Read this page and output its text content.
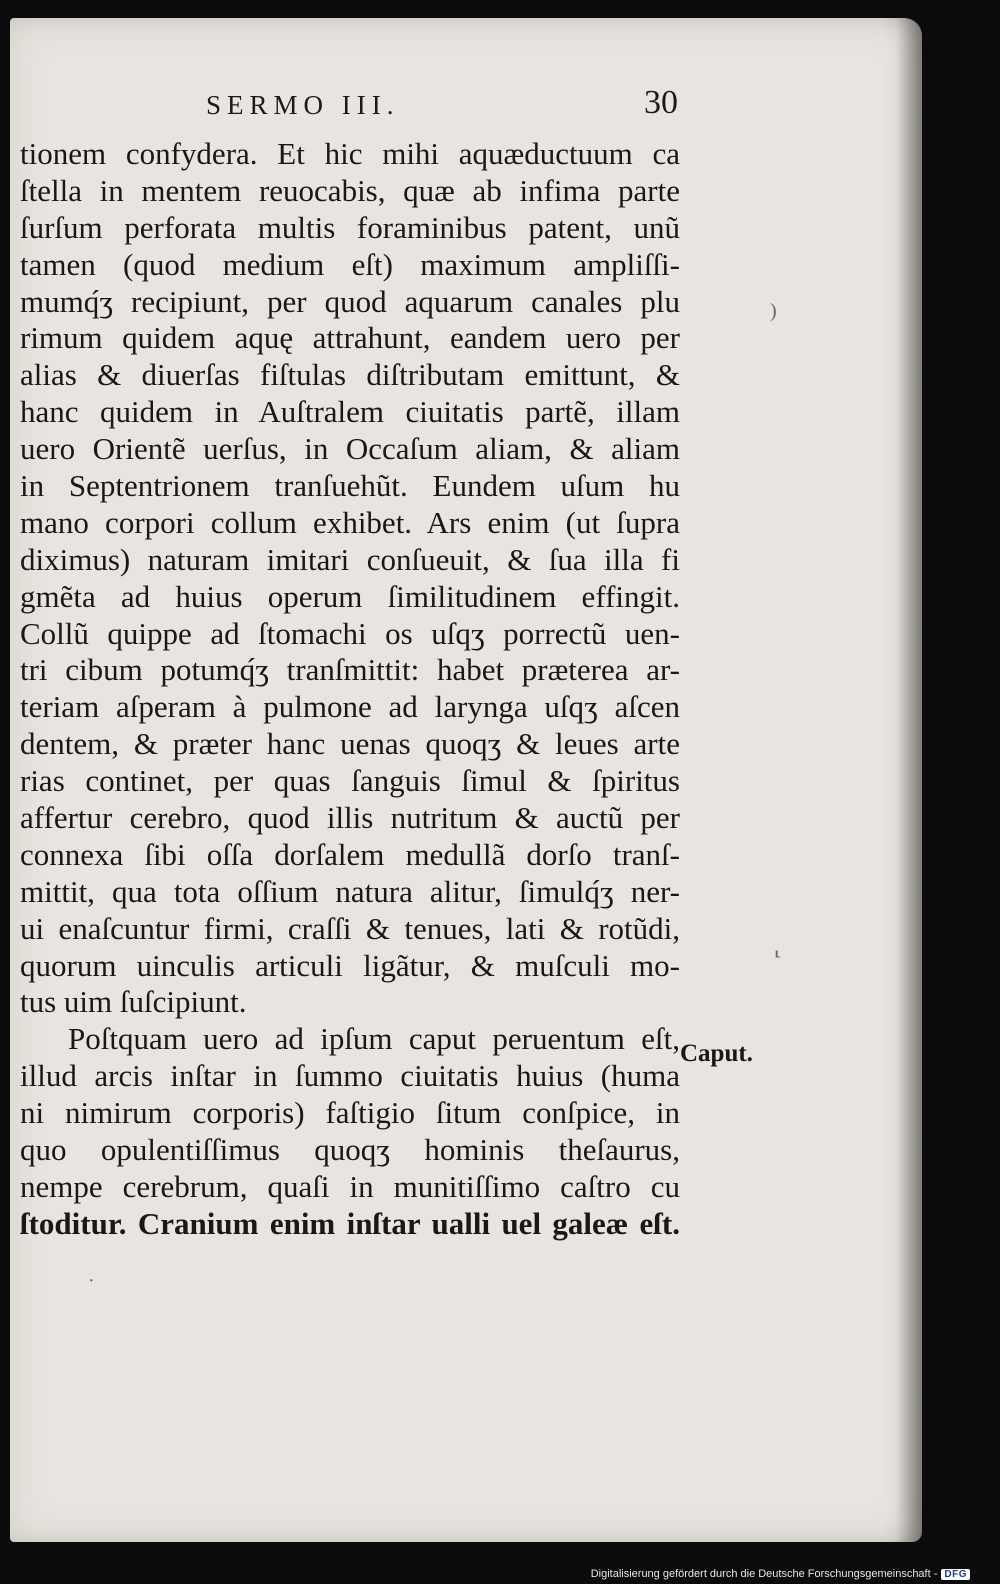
SERMO III.	30
tionem confydera. Et hic mihi aquæductuum ca
ſtella in mentem reuocabis, quæ ab infima parte
ſurſum perforata multis foraminibus patent, unũ
tamen (quod medium eſt) maximum ampliſſi-
mumq́ʒ recipiunt, per quod aquarum canales plu
rimum quidem aquę attrahunt, eandem uero per
alias & diuerſas fiſtulas diſtributam emittunt, &
hanc quidem in Auſtralem ciuitatis partẽ, illam
uero Orientẽ uerſus, in Occaſum aliam, & aliam
in Septentrionem tranſuehũt. Eundem uſum hu
mano corpori collum exhibet. Ars enim (ut ſupra
diximus) naturam imitari conſueuit, & ſua illa fi
gmẽta ad huius operum ſimilitudinem effingit.
Collũ quippe ad ſtomachi os uſqʒ porrectũ uen-
tri cibum potumq́ʒ tranſmittit: habet præterea ar-
teriam aſperam à pulmone ad larynga uſqʒ aſcen
dentem, & præter hanc uenas quoqʒ & leues arte
rias continet, per quas ſanguis ſimul & ſpiritus
affertur cerebro, quod illis nutritum & auctũ per
connexa ſibi oſſa dorſalem medullã dorſo tranſ-
mittit, qua tota oſſium natura alitur, ſimulq́ʒ ner-
ui enaſcuntur firmi, craſſi & tenues, lati & rotũdi,
quorum uinculis articuli ligãtur, & muſculi mo-
tus uim ſuſcipiunt.
Poſtquam uero ad ipſum caput peruentum eſt,
illud arcis inſtar in ſummo ciuitatis huius (huma
ni nimirum corporis) faſtigio ſitum conſpice, in
quo opulentiſſimus quoqʒ hominis theſaurus,
nempe cerebrum, quaſi in munitiſſimo caſtro cu
ſtoditur. Cranium enim inſtar ualli uel galeæ eſt.
Caput.
)
⸤
·
Digitalisierung gefördert durch die Deutsche Forschungsgemeinschaft - DFG
